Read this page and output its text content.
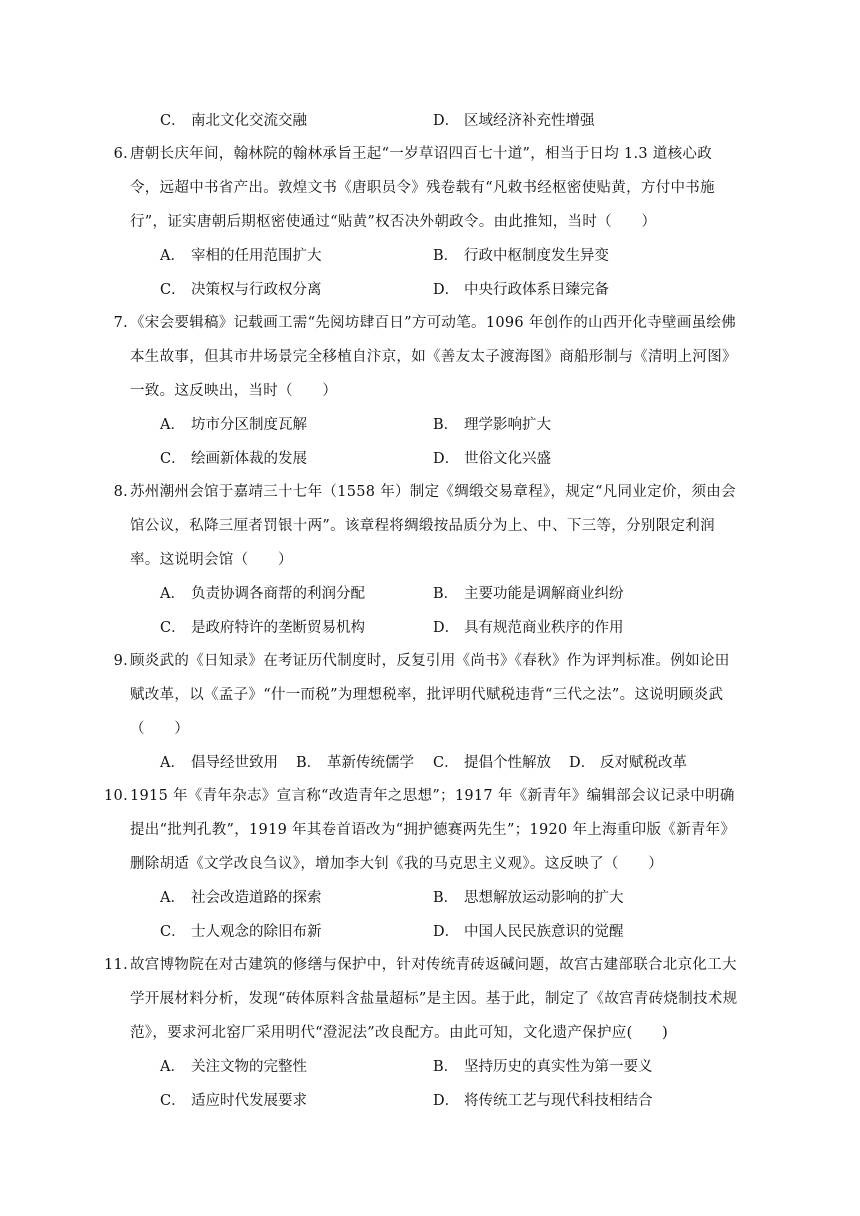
C． 南北文化交流交融	D． 区域经济补充性增强
6. 唐朝长庆年间，翰林院的翰林承旨王起“一岁草诏四百七十道”，相当于日均 1.3 道核心政令，远超中书省产出。敦煌文书《唐职员令》残卷载有“凡敕书经枢密使贴黄，方付中书施行”，证实唐朝后期枢密使通过“贴黄”权否决外朝政令。由此推知，当时（　　）
A． 宰相的任用范围扩大	B． 行政中枢制度发生异变
C． 决策权与行政权分离	D． 中央行政体系日臻完备
7. 《宋会要辑稿》记载画工需“先阅坊肆百日”方可动笔。1096 年创作的山西开化寺壁画虽绘佛本生故事，但其市井场景完全移植自汴京，如《善友太子渡海图》商船形制与《清明上河图》一致。这反映出，当时（　　）
A． 坊市分区制度瓦解	B． 理学影响扩大
C． 绘画新体裁的发展	D． 世俗文化兴盛
8. 苏州潮州会馆于嘉靖三十七年（1558 年）制定《绸缎交易章程》，规定“凡同业定价，须由会馆公议，私降三厘者罚银十两”。该章程将绸缎按品质分为上、中、下三等，分别限定利润率。这说明会馆（　　）
A． 负责协调各商帮的利润分配	B． 主要功能是调解商业纠纷
C． 是政府特许的垄断贸易机构	D． 具有规范商业秩序的作用
9. 顾炎武的《日知录》在考证历代制度时，反复引用《尚书》《春秋》作为评判标准。例如论田赋改革，以《孟子》“什一而税”为理想税率，批评明代赋税违背“三代之法”。这说明顾炎武（　　）
A． 倡导经世致用 B． 革新传统儒学 C． 提倡个性解放 D． 反对赋税改革
10. 1915 年《青年杂志》宣言称“改造青年之思想”；1917 年《新青年》编辑部会议记录中明确提出“批判孔教”，1919 年其卷首语改为“拥护德赛两先生”；1920 年上海重印版《新青年》删除胡适《文学改良刍议》，增加李大钊《我的马克思主义观》。这反映了（　　）
A． 社会改造道路的探索	B． 思想解放运动影响的扩大
C． 士人观念的除旧布新	D． 中国人民民族意识的觉醒
11. 故宫博物院在对古建筑的修缮与保护中，针对传统青砖返碱问题，故宫古建部联合北京化工大学开展材料分析，发现“砖体原料含盐量超标”是主因。基于此，制定了《故宫青砖烧制技术规范》，要求河北窑厂采用明代“澄泥法”改良配方。由此可知，文化遗产保护应(　　)
A． 关注文物的完整性	B． 坚持历史的真实性为第一要义
C． 适应时代发展要求	D． 将传统工艺与现代科技相结合
